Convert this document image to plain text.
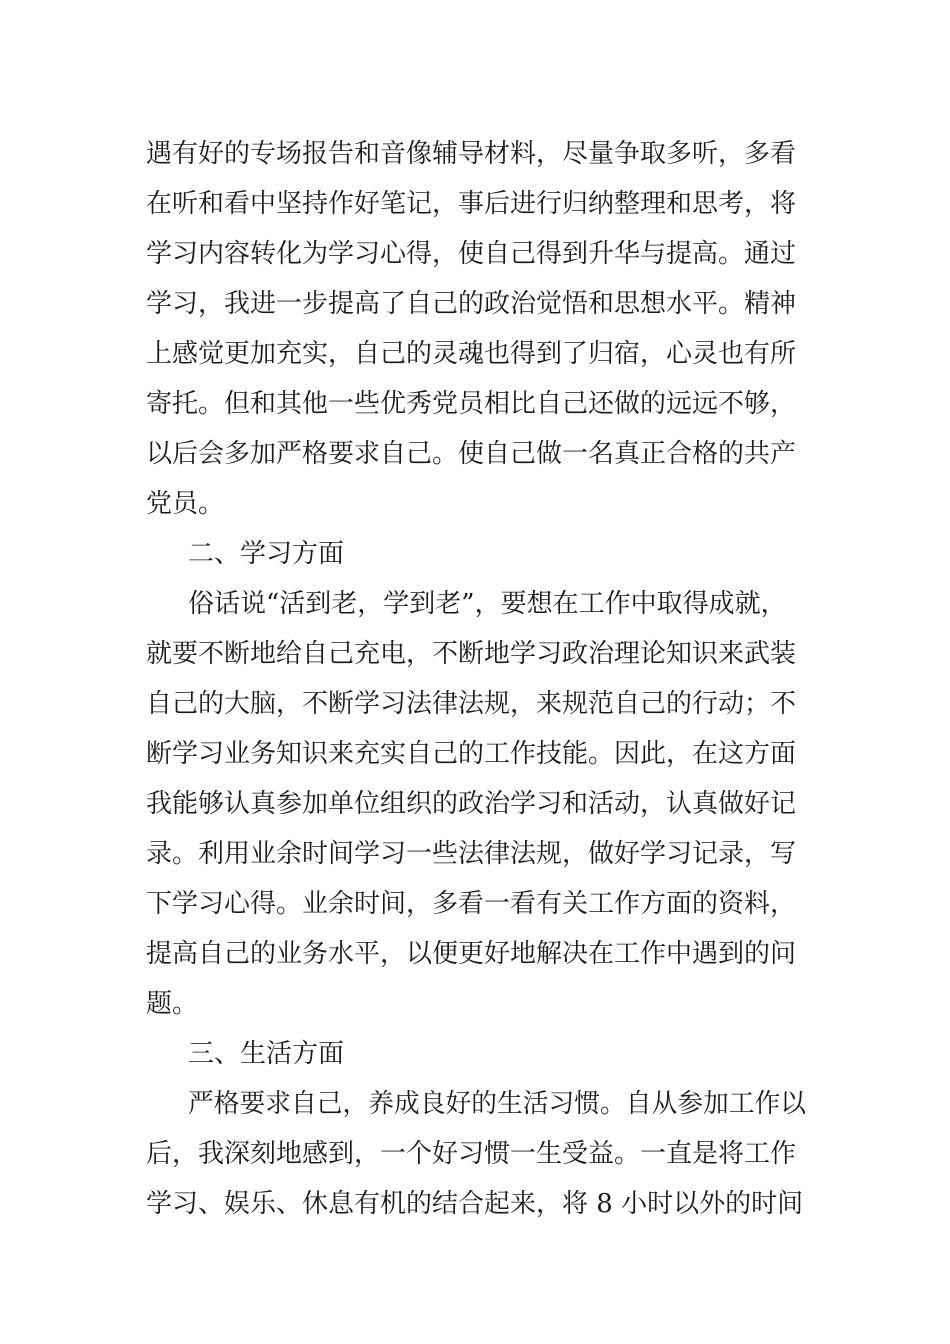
遇有好的专场报告和音像辅导材料，尽量争取多听，多看
在听和看中坚持作好笔记，事后进行归纳整理和思考，将
学习内容转化为学习心得，使自己得到升华与提高。通过
学习，我进一步提高了自己的政治觉悟和思想水平。精神
上感觉更加充实，自己的灵魂也得到了归宿，心灵也有所
寄托。但和其他一些优秀党员相比自己还做的远远不够，
以后会多加严格要求自己。使自己做一名真正合格的共产
党员。
二、学习方面
俗话说“活到老，学到老”，要想在工作中取得成就，
就要不断地给自己充电，不断地学习政治理论知识来武装
自己的大脑，不断学习法律法规，来规范自己的行动；不
断学习业务知识来充实自己的工作技能。因此，在这方面
我能够认真参加单位组织的政治学习和活动，认真做好记
录。利用业余时间学习一些法律法规，做好学习记录，写
下学习心得。业余时间，多看一看有关工作方面的资料，
提高自己的业务水平，以便更好地解决在工作中遇到的问
题。
三、生活方面
严格要求自己，养成良好的生活习惯。自从参加工作以
后，我深刻地感到，一个好习惯一生受益。一直是将工作
学习、娱乐、休息有机的结合起来，将 8 小时以外的时间
